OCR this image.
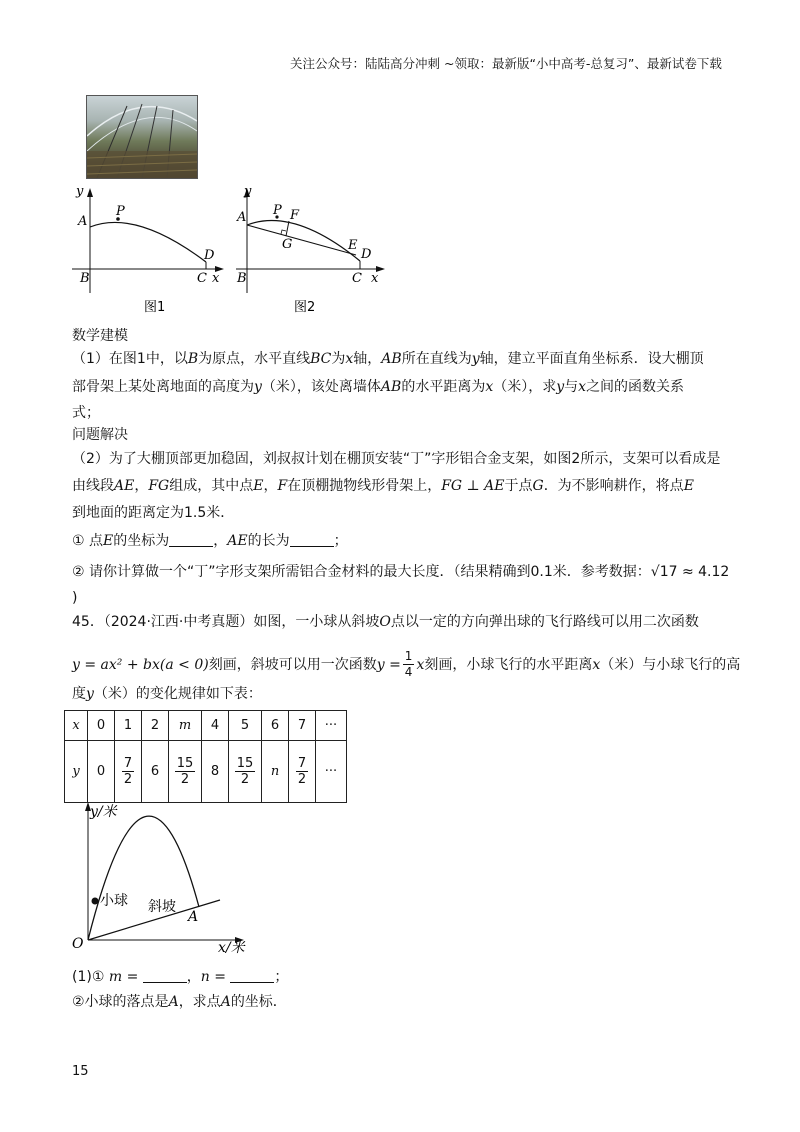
关注公众号：陆陆高分冲刺 ~领取：最新版“小中高考-总复习”、最新试卷下载
y
x
A
P
B	C
D
图1
y
x
A P F
G	E
D
B	C
图2
数学建模
（1）在图1中，以B为原点，水平直线BC为x轴，AB所在直线为y轴，建立平面直角坐标系．设大棚顶
部骨架上某处离地面的高度为y（米），该处离墙体AB的水平距离为x（米），求y与x之间的函数关系
式；
问题解决
（2）为了大棚顶部更加稳固，刘叔叔计划在棚顶安装“丁”字形铝合金支架，如图2所示，支架可以看成是
由线段AE，FG组成，其中点E，F在顶棚抛物线形骨架上，FG ⊥ AE于点G．为不影响耕作，将点E
到地面的距离定为1.5米．
① 点E的坐标为	，AE的长为	；
② 请你计算做一个“丁”字形支架所需铝合金材料的最大长度．（结果精确到0.1米．参考数据：√17 ≈ 4.12
)
45．（2024·江西·中考真题）如图，一小球从斜坡O点以一定的方向弹出球的飞行路线可以用二次函数
y = ax² + bx(a < 0) 刻画，斜坡可以用一次函数 $y = \frac{1}{4}$ x 刻画，小球飞行的水平距离 x （米）与小球飞行的高
度y（米）的变化规律如下表：
x	0	1	2	m	4	5	6	7	···
y	0	$\frac{7}{2}$	6	$\frac{15}{2}$	8	$\frac{15}{2}$	n	$\frac{7}{2}$	···
y/米
x/米
O
小球 斜坡
A
(1)① m =	，n =	；
②小球的落点是A，求点A的坐标．
15
